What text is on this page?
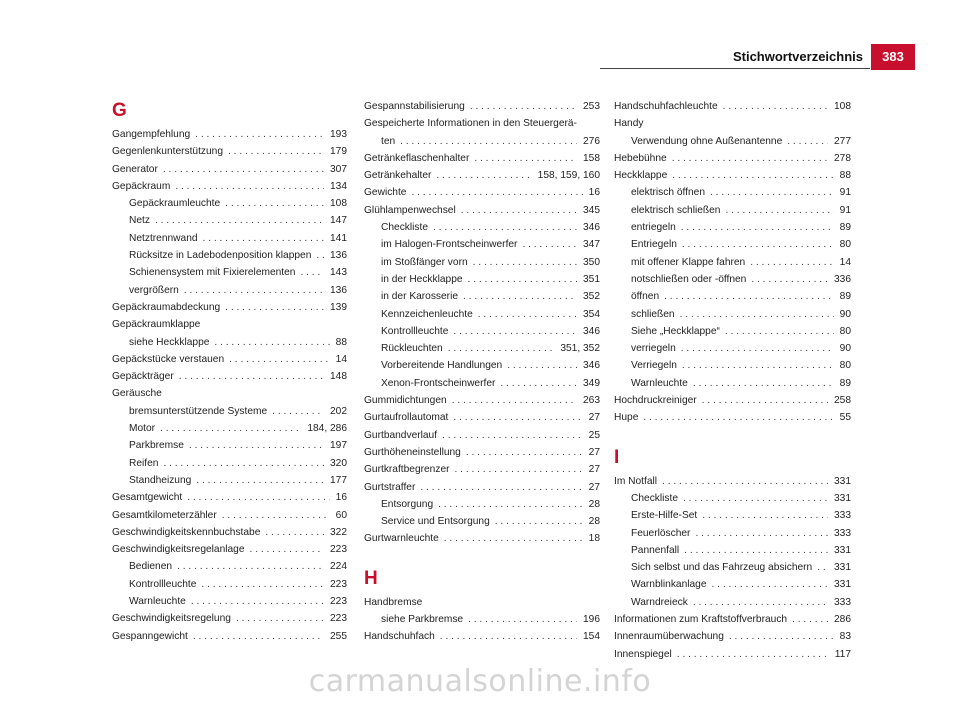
Stichwortverzeichnis	383
G
Gangempfehlung . . .	193
Gegenlenkunterstützung . . .	179
Generator . . .	307
Gepäckraum . . .	134
Gepäckraumleuchte . . .	108
Netz . . .	147
Netztrennwand . . .	141
Rücksitze in Ladebodenposition klappen . . . 136
Schienensystem mit Fixierelementen . . .	143
vergrößern . . .	136
Gepäckraumabdeckung . . .	139
Gepäckraumklappe
siehe Heckklappe . . .	88
Gepäckstücke verstauen . . .	14
Gepäckträger . . .	148
Geräusche
bremsunterstützende Systeme . . .	202
Motor . . .	184, 286
Parkbremse . . .	197
Reifen . . .	320
Standheizung . . .	177
Gesamtgewicht . . .	16
Gesamtkilometerzähler . . .	60
Geschwindigkeitskennbuchstabe . . .	322
Geschwindigkeitsregelanlage . . .	223
Bedienen . . .	224
Kontrollleuchte . . .	223
Warnleuchte . . .	223
Geschwindigkeitsregelung . . .	223
Gespanngewicht . . .	255
Gespannstabilisierung . . .	253
Gespeicherte Informationen in den Steuergerä-
ten . . .	276
Getränkeflaschenhalter . . .	158
Getränkehalter . . .	158, 159, 160
Gewichte . . .	16
Glühlampenwechsel . . .	345
Checkliste . . .	346
im Halogen-Frontscheinwerfer . . .	347
im Stoßfänger vorn . . .	350
in der Heckklappe . . .	351
in der Karosserie . . .	352
Kennzeichenleuchte . . .	354
Kontrollleuchte . . .	346
Rückleuchten . . .	351, 352
Vorbereitende Handlungen . . .	346
Xenon-Frontscheinwerfer . . .	349
Gummidichtungen . . .	263
Gurtaufrollautomat . . .	27
Gurtbandverlauf . . .	25
Gurthöheneinstellung . . .	27
Gurtkraftbegrenzer . . .	27
Gurtstraffer . . .	27
Entsorgung . . .	28
Service und Entsorgung . . .	28
Gurtwarnleuchte . . .	18
H
Handbremse
siehe Parkbremse . . .	196
Handschuhfach . . .	154
Handschuhfachleuchte . . .	108
Handy
Verwendung ohne Außenantenne . . .	277
Hebebühne . . .	278
Heckklappe . . .	88
elektrisch öffnen . . .	91
elektrisch schließen . . .	91
entriegeln . . .	89
Entriegeln . . .	80
mit offener Klappe fahren . . .	14
notschließen oder -öffnen . . .	336
öffnen . . .	89
schließen . . .	90
Siehe „Heckklappe“ . . .	80
verriegeln . . .	90
Verriegeln . . .	80
Warnleuchte . . .	89
Hochdruckreiniger . . .	258
Hupe . . .	55
I
Im Notfall . . .	331
Checkliste . . .	331
Erste-Hilfe-Set . . .	333
Feuerlöscher . . .	333
Pannenfall . . .	331
Sich selbst und das Fahrzeug absichern . . . 331
Warnblinkanlage . . .	331
Warndreieck . . .	333
Informationen zum Kraftstoffverbrauch . . .	286
Innenraumüberwachung . . .	83
Innenspiegel . . .	117
carmanualsonline.info
